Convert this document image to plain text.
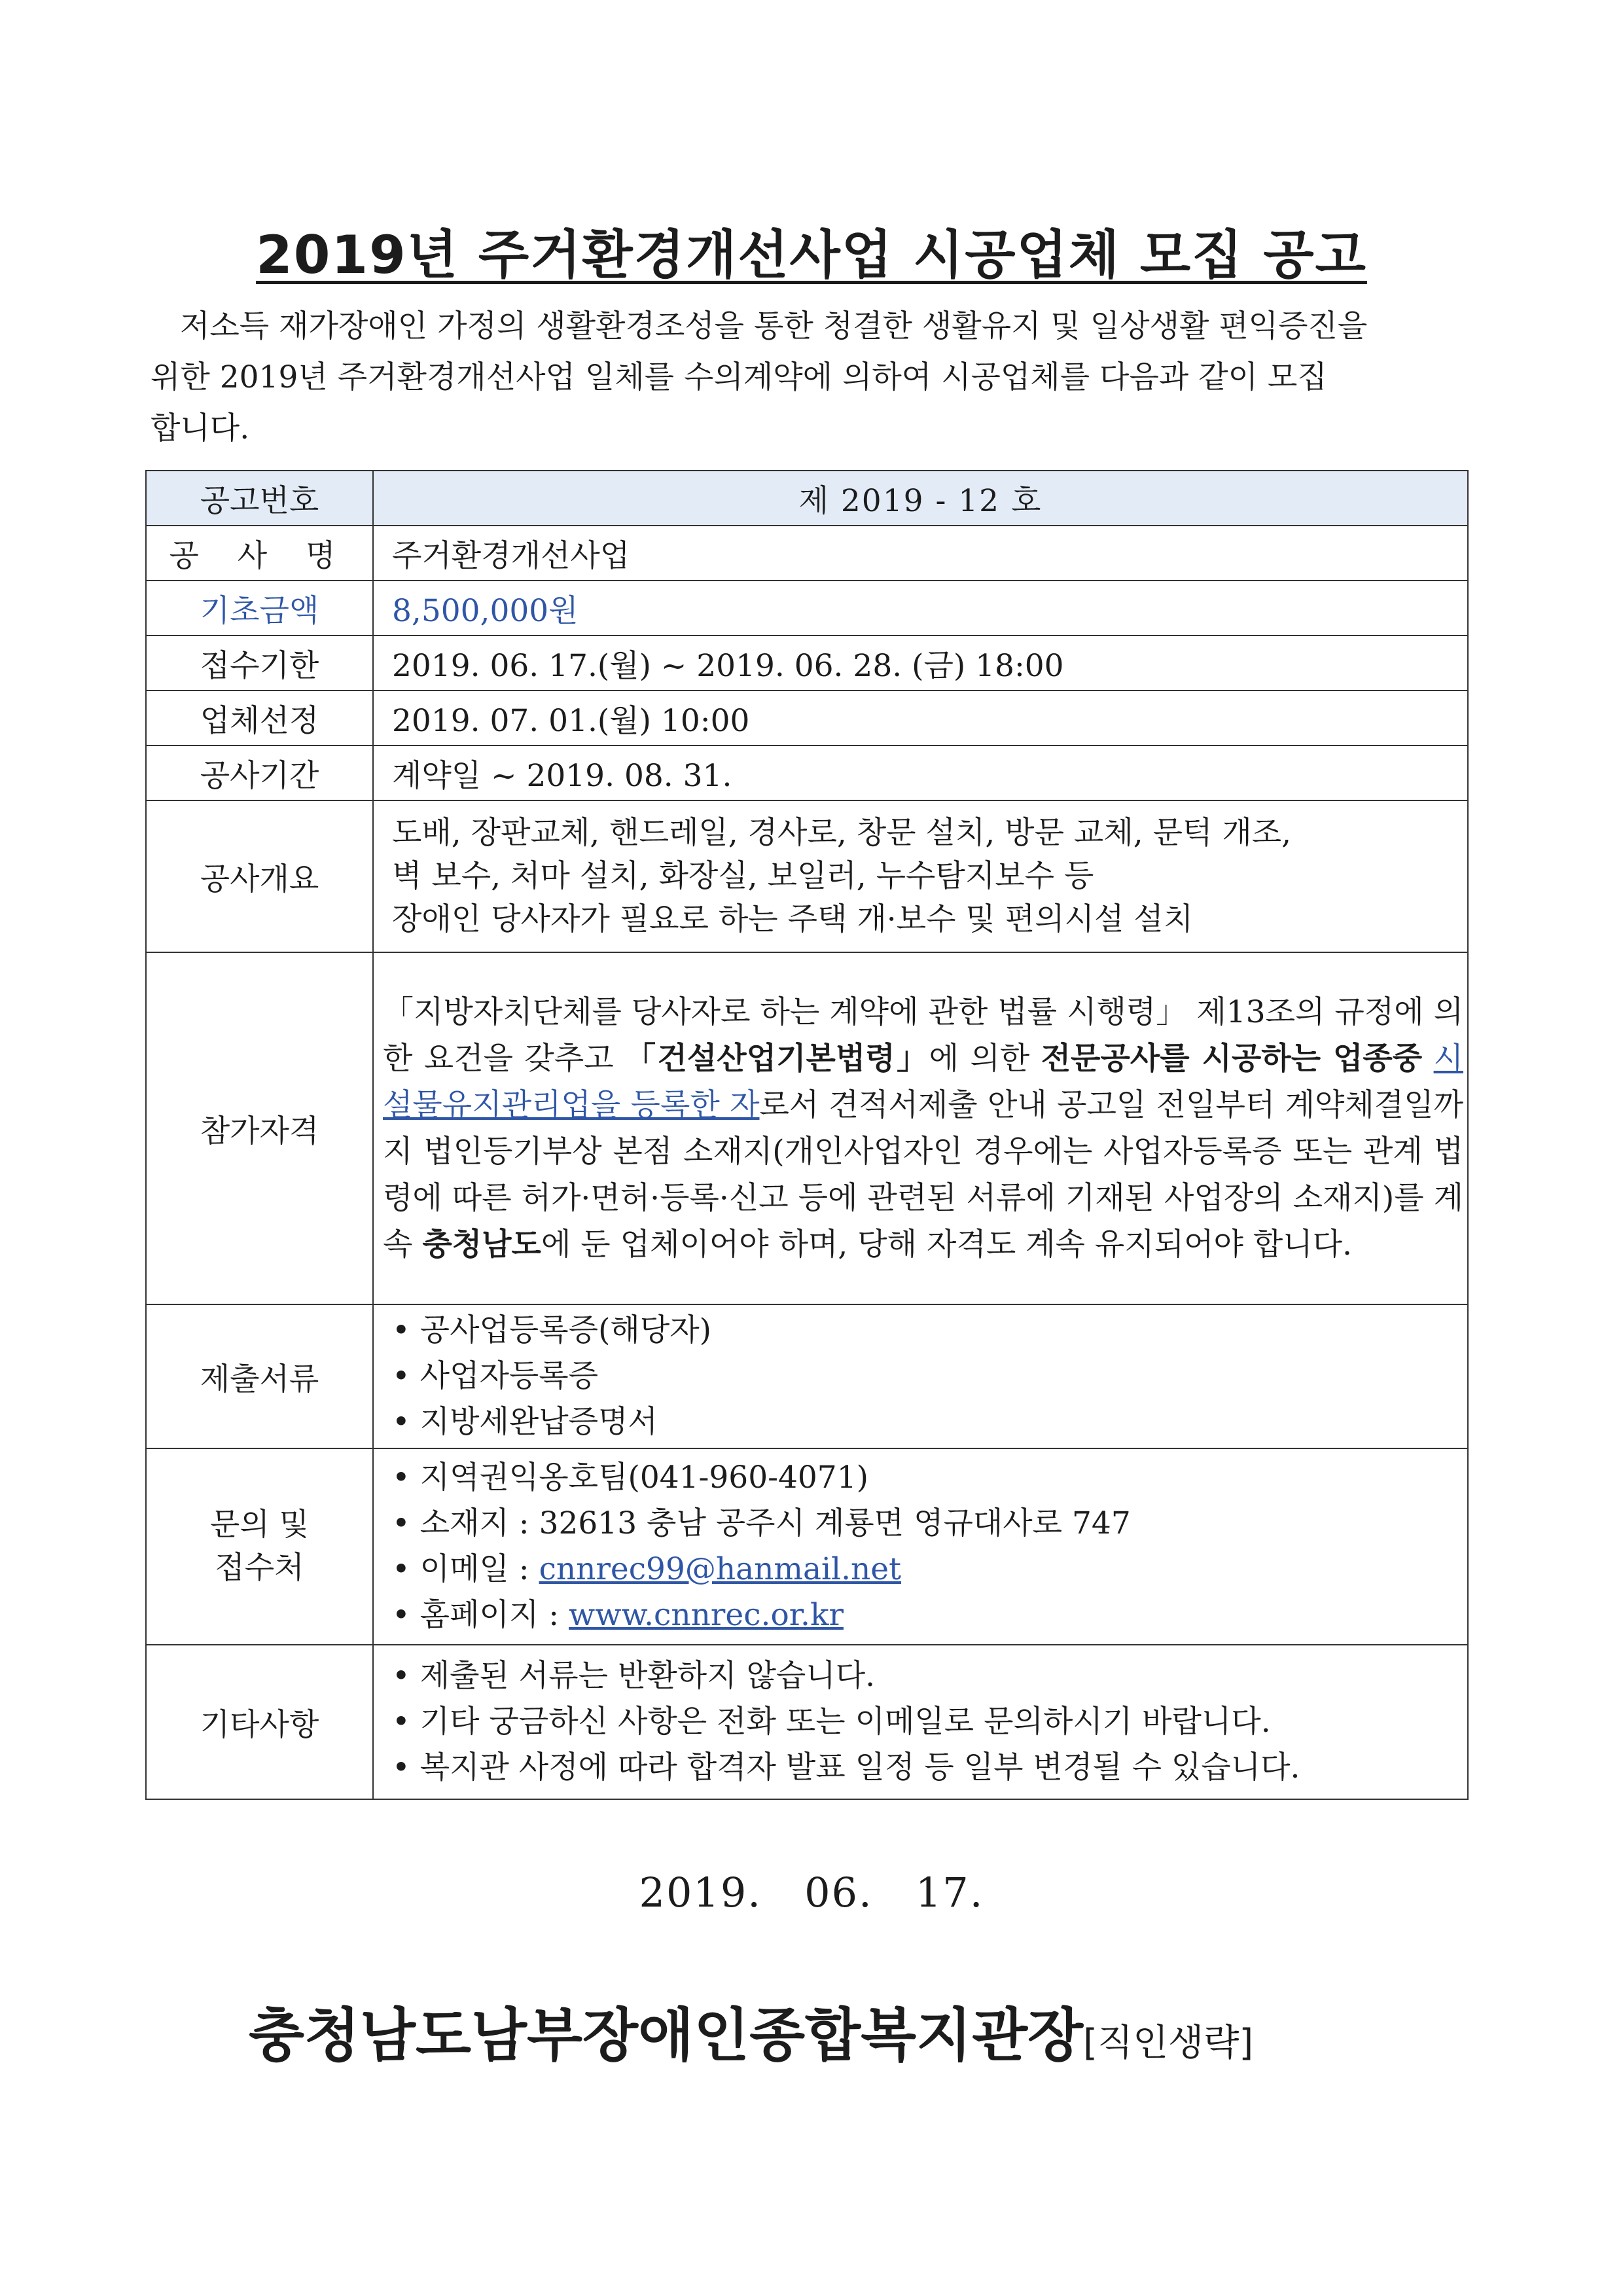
2019년 주거환경개선사업 시공업체 모집 공고

저소득 재가장애인 가정의 생활환경조성을 통한 청결한 생활유지 및 일상생활 편익증진을

위한 2019년 주거환경개선사업 일체를 수의계약에 의하여 시공업체를 다음과 같이 모집

합니다.

공고번호	제 2019 - 12 호
공 사 명	주거환경개선사업
기초금액	8,500,000원
접수기한	2019. 06. 17.(월) ~ 2019. 06. 28. (금) 18:00
업체선정	2019. 07. 01.(월) 10:00
공사기간	계약일 ~ 2019. 08. 31.
공사개요	도배, 장판교체, 핸드레일, 경사로, 창문 설치, 방문 교체, 문턱 개조,
벽 보수, 처마 설치, 화장실, 보일러, 누수탐지보수 등
장애인 당사자가 필요로 하는 주택 개·보수 및 편의시설 설치

참가자격	「지방자치단체를 당사자로 하는 계약에 관한 법률 시행령」 제13조의 규정에 의한 요건을 갖추고 「건설산업기본법령」에 의한 전문공사를 시공하는 업종중 시설물유지관리업을 등록한 자로서 견적서제출 안내 공고일 전일부터 계약체결일까지 법인등기부상 본점 소재지(개인사업자인 경우에는 사업자등록증 또는 관계 법령에 따른 허가·면허·등록·신고 등에 관련된 서류에 기재된 사업장의 소재지)를 계속 충청남도에 둔 업체이어야 하며, 당해 자격도 계속 유지되어야 합니다.
제출서류	• 공사업등록증(해당자)
• 사업자등록증
• 지방세완납증명서

문의 및
접수처	• 지역권익옹호팀(041-960-4071)
• 소재지 : 32613 충남 공주시 계룡면 영규대사로 747
• 이메일 : cnnrec99@hanmail.net
• 홈페이지 : www.cnnrec.or.kr

기타사항	• 제출된 서류는 반환하지 않습니다.
• 기타 궁금하신 사항은 전화 또는 이메일로 문의하시기 바랍니다.
• 복지관 사정에 따라 합격자 발표 일정 등 일부 변경될 수 있습니다.
2019.   06.   17.
충청남도남부장애인종합복지관장[직인생략]
